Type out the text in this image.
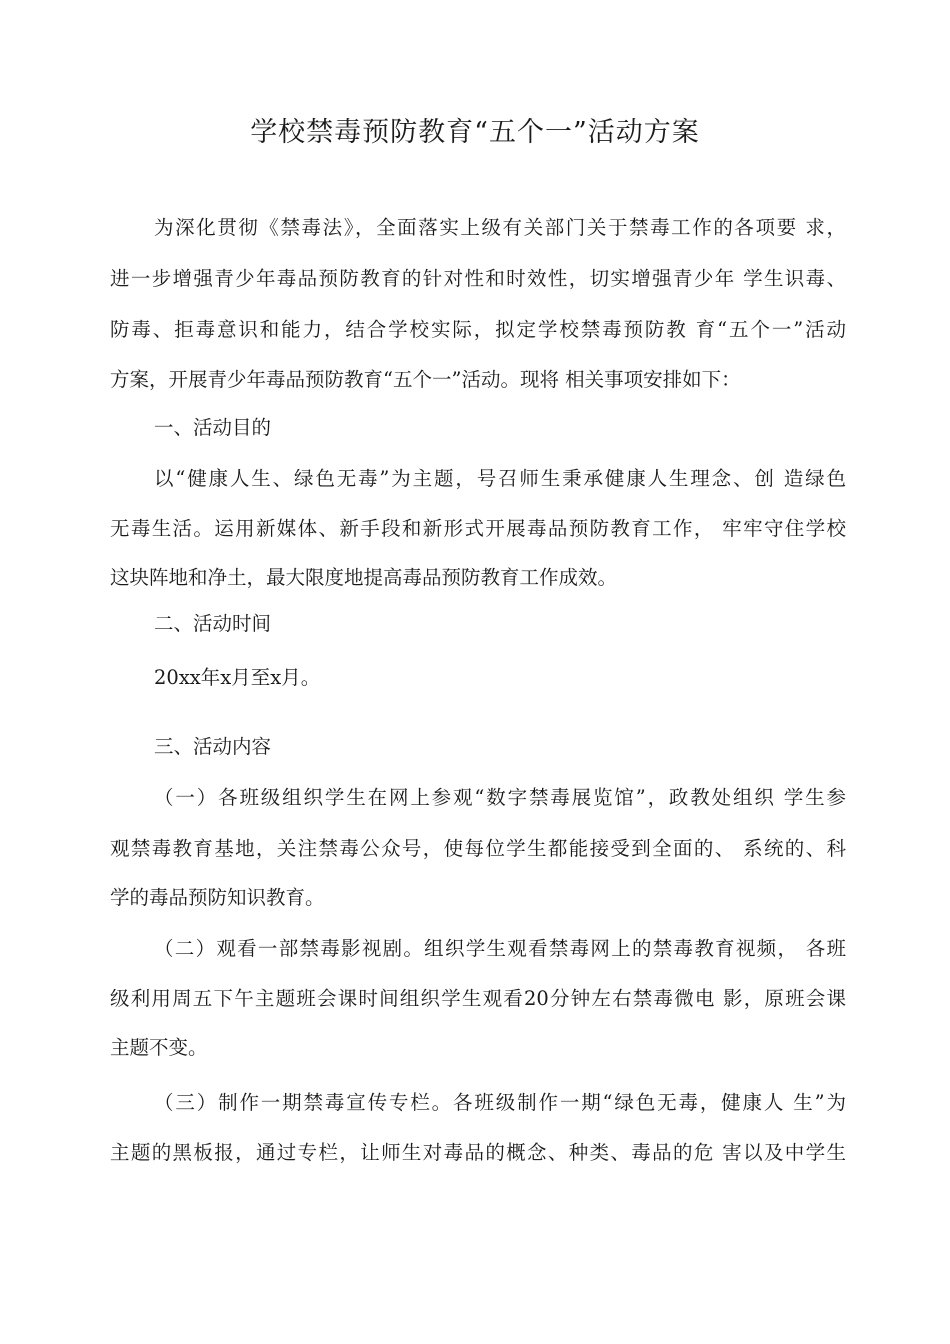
学校禁毒预防教育“五个一”活动方案
为深化贯彻《禁毒法》，全面落实上级有关部门关于禁毒工作的各项要 求，
进一步增强青少年毒品预防教育的针对性和时效性，切实增强青少年 学生识毒、
防毒、拒毒意识和能力，结合学校实际，拟定学校禁毒预防教 育“五个一”活动
方案，开展青少年毒品预防教育“五个一”活动。现将 相关事项安排如下：
一、活动目的
以“健康人生、绿色无毒”为主题，号召师生秉承健康人生理念、创 造绿色
无毒生活。运用新媒体、新手段和新形式开展毒品预防教育工作， 牢牢守住学校
这块阵地和净土，最大限度地提高毒品预防教育工作成效。
二、活动时间
20xx年x月至x月。
三、活动内容
（一）各班级组织学生在网上参观“数字禁毒展览馆”，政教处组织 学生参
观禁毒教育基地，关注禁毒公众号，使每位学生都能接受到全面的、 系统的、科
学的毒品预防知识教育。
（二）观看一部禁毒影视剧。组织学生观看禁毒网上的禁毒教育视频， 各班
级利用周五下午主题班会课时间组织学生观看20分钟左右禁毒微电 影，原班会课
主题不变。
（三）制作一期禁毒宣传专栏。各班级制作一期“绿色无毒，健康人 生”为
主题的黑板报，通过专栏，让师生对毒品的概念、种类、毒品的危 害以及中学生
